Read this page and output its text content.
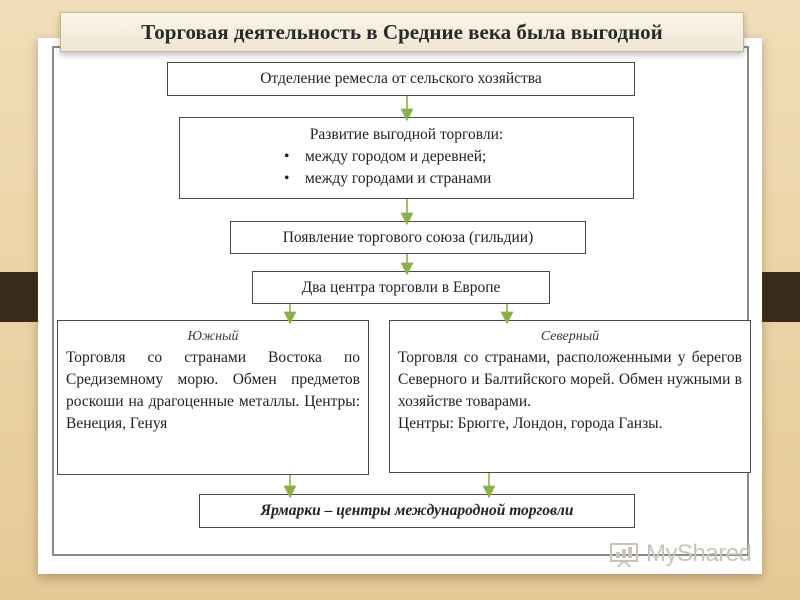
Торговая деятельность в Средние века была выгодной
Отделение ремесла от сельского хозяйства
Развитие выгодной торговли:
• между городом и деревней;
• между городами и странами
Появление торгового союза (гильдии)
Два центра торговли в Европе
Южный
Торговля со странами Востока по Средиземному морю. Обмен предметов роскоши на драгоценные металлы. Центры: Венеция, Генуя
Северный
Торговля со странами, расположенными у берегов Северного и Балтийского морей. Обмен нужными в хозяйстве товарами.
Центры: Брюгге, Лондон, города Ганзы.
Ярмарки – центры международной торговли
MyShared
